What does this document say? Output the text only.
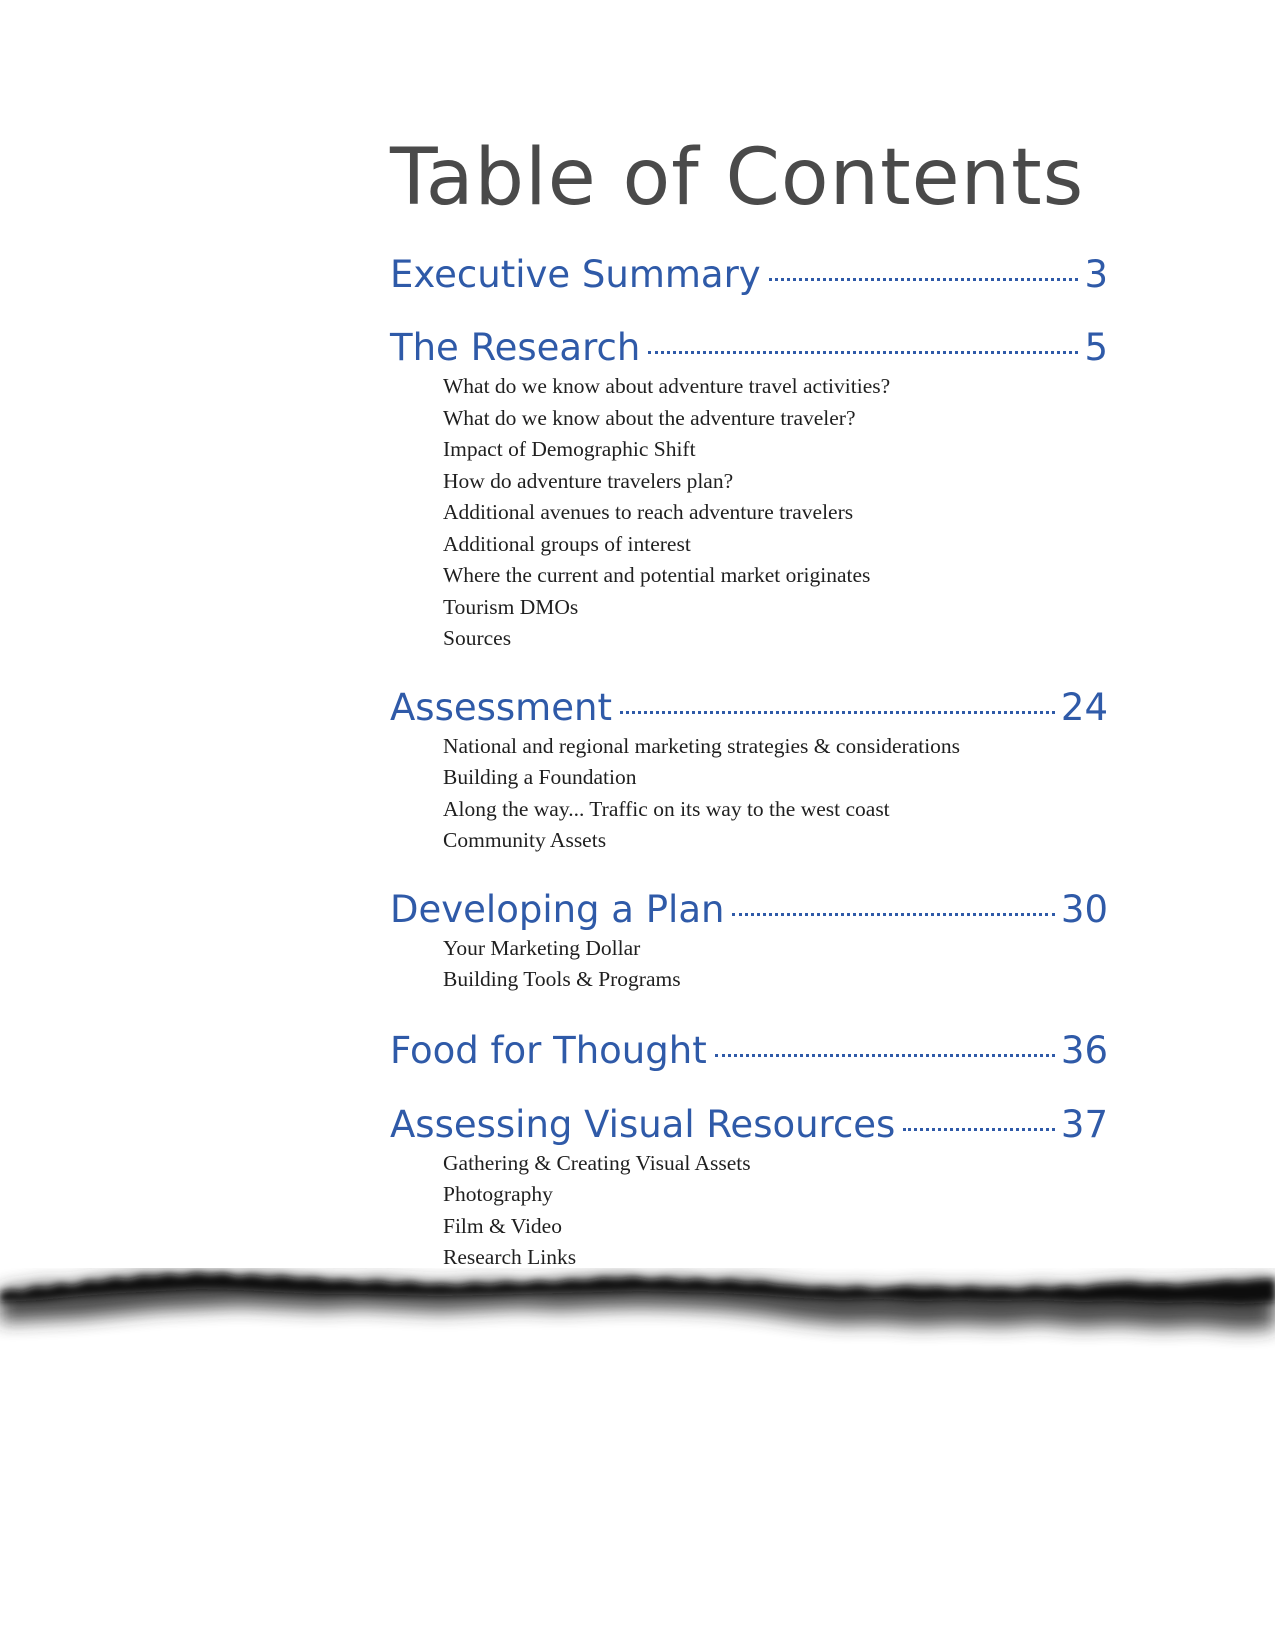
Table of Contents
Executive Summary	3
The Research	5
What do we know about adventure travel activities?
What do we know about the adventure traveler?
Impact of Demographic Shift
How do adventure travelers plan?
Additional avenues to reach adventure travelers
Additional groups of interest
Where the current and potential market originates
Tourism DMOs
Sources
Assessment	24
National and regional marketing strategies & considerations
Building a Foundation
Along the way... Traffic on its way to the west coast
Community Assets
Developing a Plan	30
Your Marketing Dollar
Building Tools & Programs
Food for Thought	36
Assessing Visual Resources	37
Gathering & Creating Visual Assets
Photography
Film & Video
Research Links
